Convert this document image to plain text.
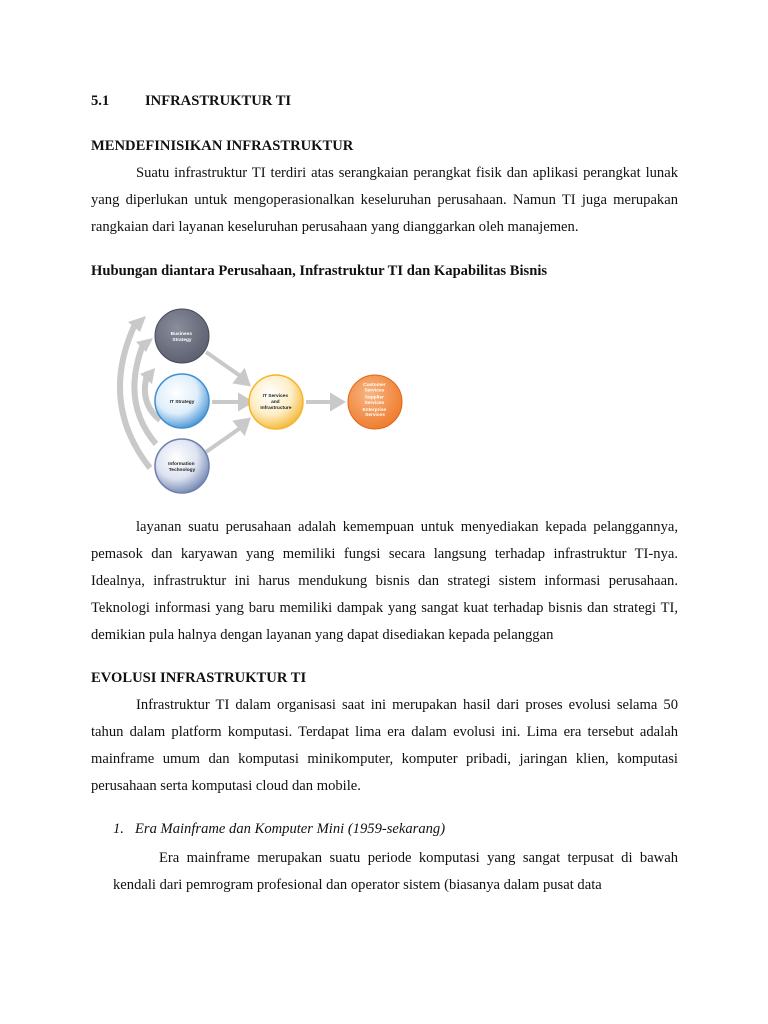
5.1 INFRASTRUKTUR TI
MENDEFINISIKAN INFRASTRUKTUR
Suatu infrastruktur TI terdiri atas serangkaian perangkat fisik dan aplikasi perangkat lunak yang diperlukan untuk mengoperasionalkan keseluruhan perusahaan. Namun TI juga merupakan rangkaian dari layanan keseluruhan perusahaan yang dianggarkan oleh manajemen.
Hubungan diantara Perusahaan, Infrastruktur TI dan Kapabilitas Bisnis
Business Strategy
IT Strategy
Information Technology
IT Services and Infrastructure
Customer Services Supplier Services Enterprise Services
layanan suatu perusahaan adalah kemempuan untuk menyediakan kepada pelanggannya, pemasok dan karyawan yang memiliki fungsi secara langsung terhadap infrastruktur TI-nya. Idealnya, infrastruktur ini harus mendukung bisnis dan strategi sistem informasi perusahaan. Teknologi informasi yang baru memiliki dampak yang sangat kuat terhadap bisnis dan strategi TI, demikian pula halnya dengan layanan yang dapat disediakan kepada pelanggan
EVOLUSI INFRASTRUKTUR TI
Infrastruktur TI dalam organisasi saat ini merupakan hasil dari proses evolusi selama 50 tahun dalam platform komputasi. Terdapat lima era dalam evolusi ini. Lima era tersebut adalah mainframe umum dan komputasi minikomputer, komputer pribadi, jaringan klien, komputasi perusahaan serta komputasi cloud dan mobile.
1. Era Mainframe dan Komputer Mini (1959-sekarang)
Era mainframe merupakan suatu periode komputasi yang sangat terpusat di bawah kendali dari pemrogram profesional dan operator sistem (biasanya dalam pusat data
